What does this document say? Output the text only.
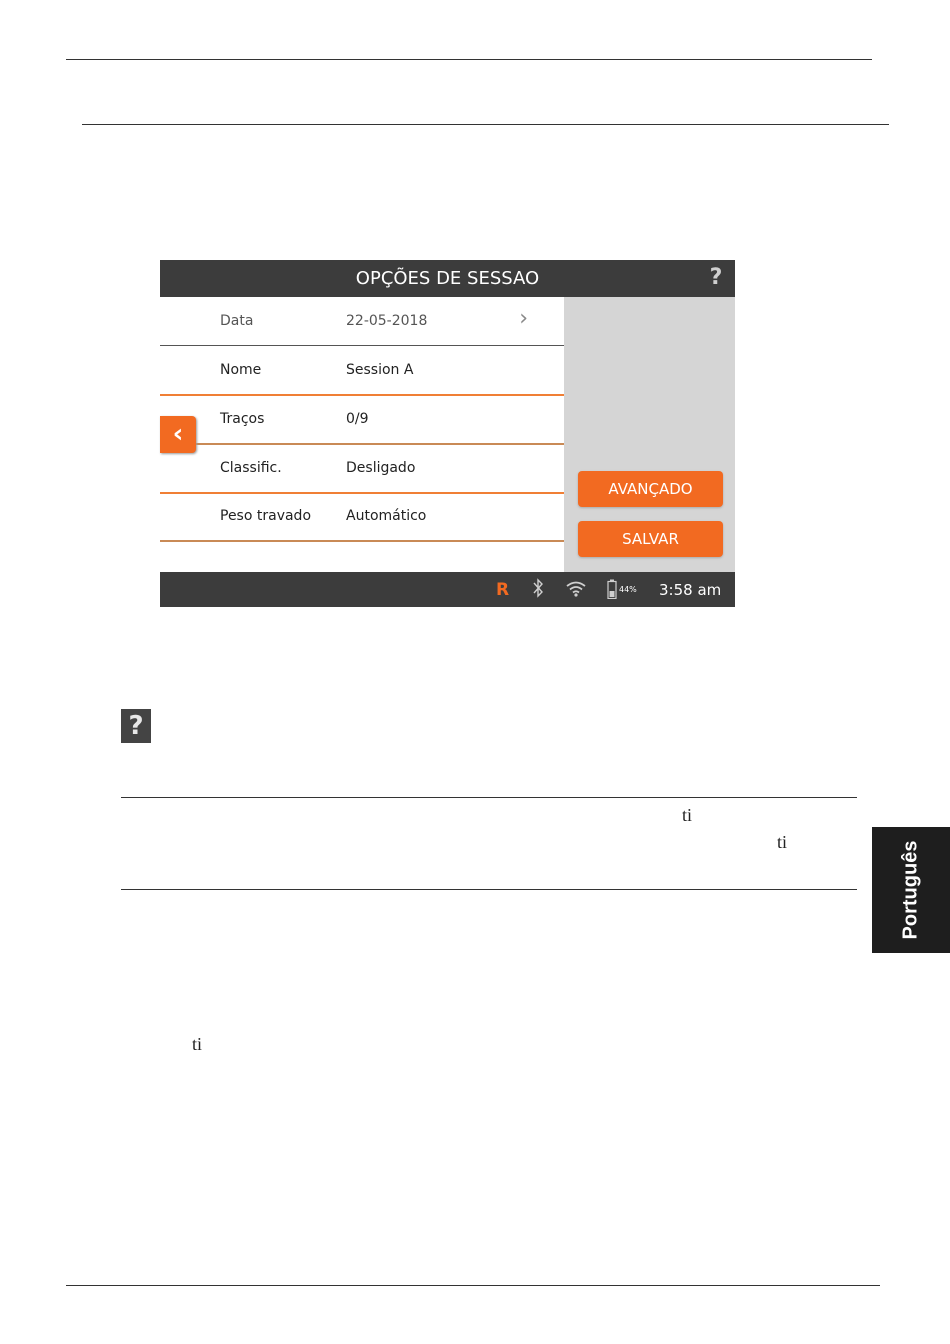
OPÇÕES DE SESSAO	?
Data	22-05-2018	›
Nome	Session A
Traços	0/9
Classific.	Desligado
Peso travado Automático
‹
AVANÇADO
SALVAR
R	44% 3:58 am
?
ti
ti
ti
Português
